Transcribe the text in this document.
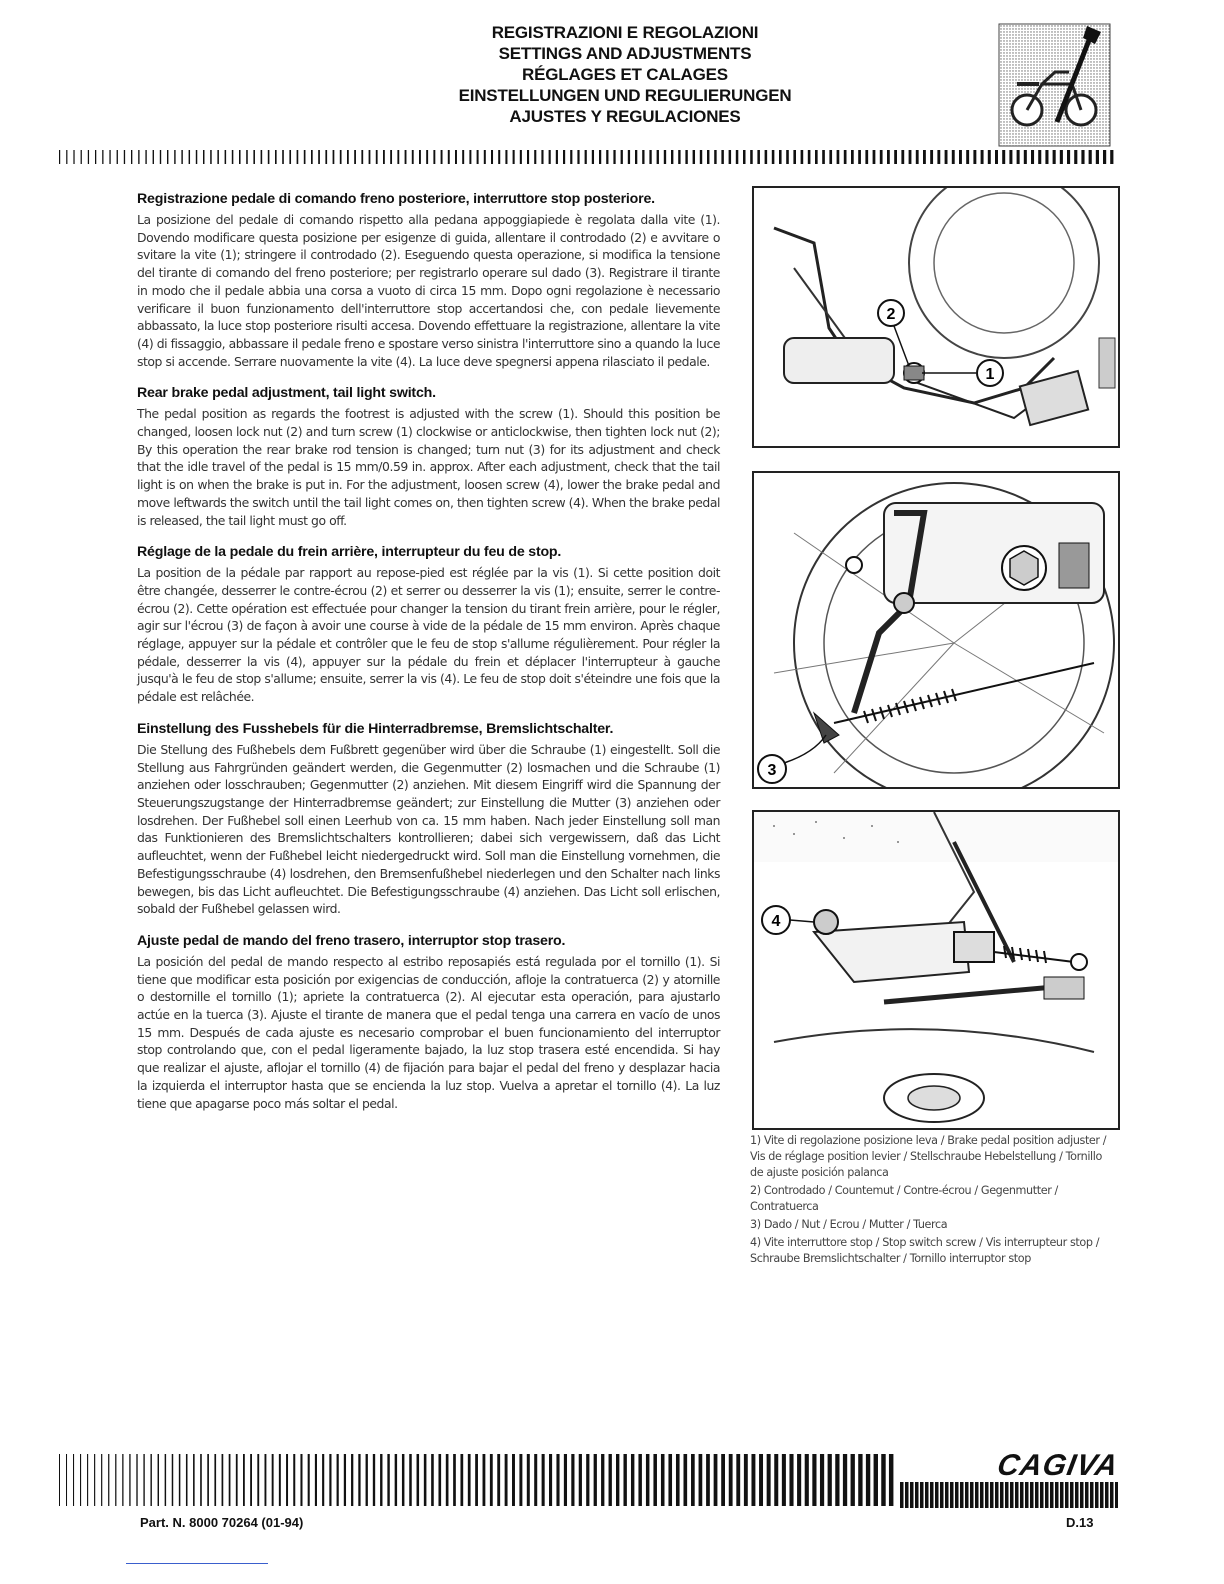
REGISTRAZIONI E REGOLAZIONI
SETTINGS AND ADJUSTMENTS
RÉGLAGES ET CALAGES
EINSTELLUNGEN UND REGULIERUNGEN
AJUSTES Y REGULACIONES
Registrazione pedale di comando freno posteriore, interruttore stop posteriore.

La posizione del pedale di comando rispetto alla pedana appoggiapiede è regolata dalla vite (1). Dovendo modificare questa posizione per esigenze di guida, allentare il controdado (2) e avvitare o svitare la vite (1); stringere il controdado (2). Eseguendo questa operazione, si modifica la tensione del tirante di comando del freno posteriore; per registrarlo operare sul dado (3). Registrare il tirante in modo che il pedale abbia una corsa a vuoto di circa 15 mm. Dopo ogni regolazione è necessario verificare il buon funzionamento dell'interruttore stop accertandosi che, con pedale lievemente abbassato, la luce stop posteriore risulti accesa. Dovendo effettuare la registrazione, allentare la vite (4) di fissaggio, abbassare il pedale freno e spostare verso sinistra l'interruttore sino a quando la luce stop si accende. Serrare nuovamente la vite (4). La luce deve spegnersi appena rilasciato il pedale.

Rear brake pedal adjustment, tail light switch.

The pedal position as regards the footrest is adjusted with the screw (1). Should this position be changed, loosen lock nut (2) and turn screw (1) clockwise or anticlockwise, then tighten lock nut (2); By this operation the rear brake rod tension is changed; turn nut (3) for its adjustment and check that the idle travel of the pedal is 15 mm/0.59 in. approx. After each adjustment, check that the tail light is on when the brake is put in. For the adjustment, loosen screw (4), lower the brake pedal and move leftwards the switch until the tail light comes on, then tighten screw (4). When the brake pedal is released, the tail light must go off.

Réglage de la pedale du frein arrière, interrupteur du feu de stop.

La position de la pédale par rapport au repose-pied est réglée par la vis (1). Si cette position doit être changée, desserrer le contre-écrou (2) et serrer ou desserrer la vis (1); ensuite, serrer le contre-écrou (2). Cette opération est effectuée pour changer la tension du tirant frein arrière, pour le régler, agir sur l'écrou (3) de façon à avoir une course à vide de la pédale de 15 mm environ. Après chaque réglage, appuyer sur la pédale et contrôler que le feu de stop s'allume régulièrement. Pour régler la pédale, desserrer la vis (4), appuyer sur la pédale du frein et déplacer l'interrupteur à gauche jusqu'à le feu de stop s'allume; ensuite, serrer la vis (4). Le feu de stop doit s'éteindre une fois que la pédale est relâchée.

Einstellung des Fusshebels für die Hinterradbremse, Bremslichtschalter.

Die Stellung des Fußhebels dem Fußbrett gegenüber wird über die Schraube (1) eingestellt. Soll die Stellung aus Fahrgründen geändert werden, die Gegenmutter (2) losmachen und die Schraube (1) anziehen oder losschrauben; Gegenmutter (2) anziehen. Mit diesem Eingriff wird die Spannung der Steuerungszugstange der Hinterradbremse geändert; zur Einstellung die Mutter (3) anziehen oder losdrehen. Der Fußhebel soll einen Leerhub von ca. 15 mm haben. Nach jeder Einstellung soll man das Funktionieren des Bremslichtschalters kontrollieren; dabei sich vergewissern, daß das Licht aufleuchtet, wenn der Fußhebel leicht niedergedruckt wird. Soll man die Einstellung vornehmen, die Befestigungsschraube (4) losdrehen, den Bremsenfußhebel niederlegen und den Schalter nach links bewegen, bis das Licht aufleuchtet. Die Befestigungsschraube (4) anziehen. Das Licht soll erlischen, sobald der Fußhebel gelassen wird.

Ajuste pedal de mando del freno trasero, interruptor stop trasero.

La posición del pedal de mando respecto al estribo reposapiés está regulada por el tornillo (1). Si tiene que modificar esta posición por exigencias de conducción, afloje la contratuerca (2) y atornille o destornille el tornillo (1); apriete la contratuerca (2). Al ejecutar esta operación, para ajustarlo actúe en la tuerca (3). Ajuste el tirante de manera que el pedal tenga una carrera en vacío de unos 15 mm. Después de cada ajuste es necesario comprobar el buen funcionamiento del interruptor stop controlando que, con el pedal ligeramente bajado, la luz stop trasera esté encendida. Si hay que realizar el ajuste, aflojar el tornillo (4) de fijación para bajar el pedal del freno y desplazar hacia la izquierda el interruptor hasta que se encienda la luz stop. Vuelva a apretar el tornillo (4). La luz tiene que apagarse poco más soltar el pedal.

1
2
3
4
1) Vite di regolazione posizione leva / Brake pedal position adjuster / Vis de réglage position levier / Stellschraube Hebelstellung / Tornillo de ajuste posición palanca
2) Controdado / Countemut / Contre-écrou / Gegenmutter / Contratuerca
3) Dado / Nut / Ecrou / Mutter / Tuerca
4) Vite interruttore stop / Stop switch screw / Vis interrupteur stop / Schraube Bremslichtschalter / Tornillo interruptor stop
CAGIVA
Part. N. 8000 70264 (01-94)	D.13
